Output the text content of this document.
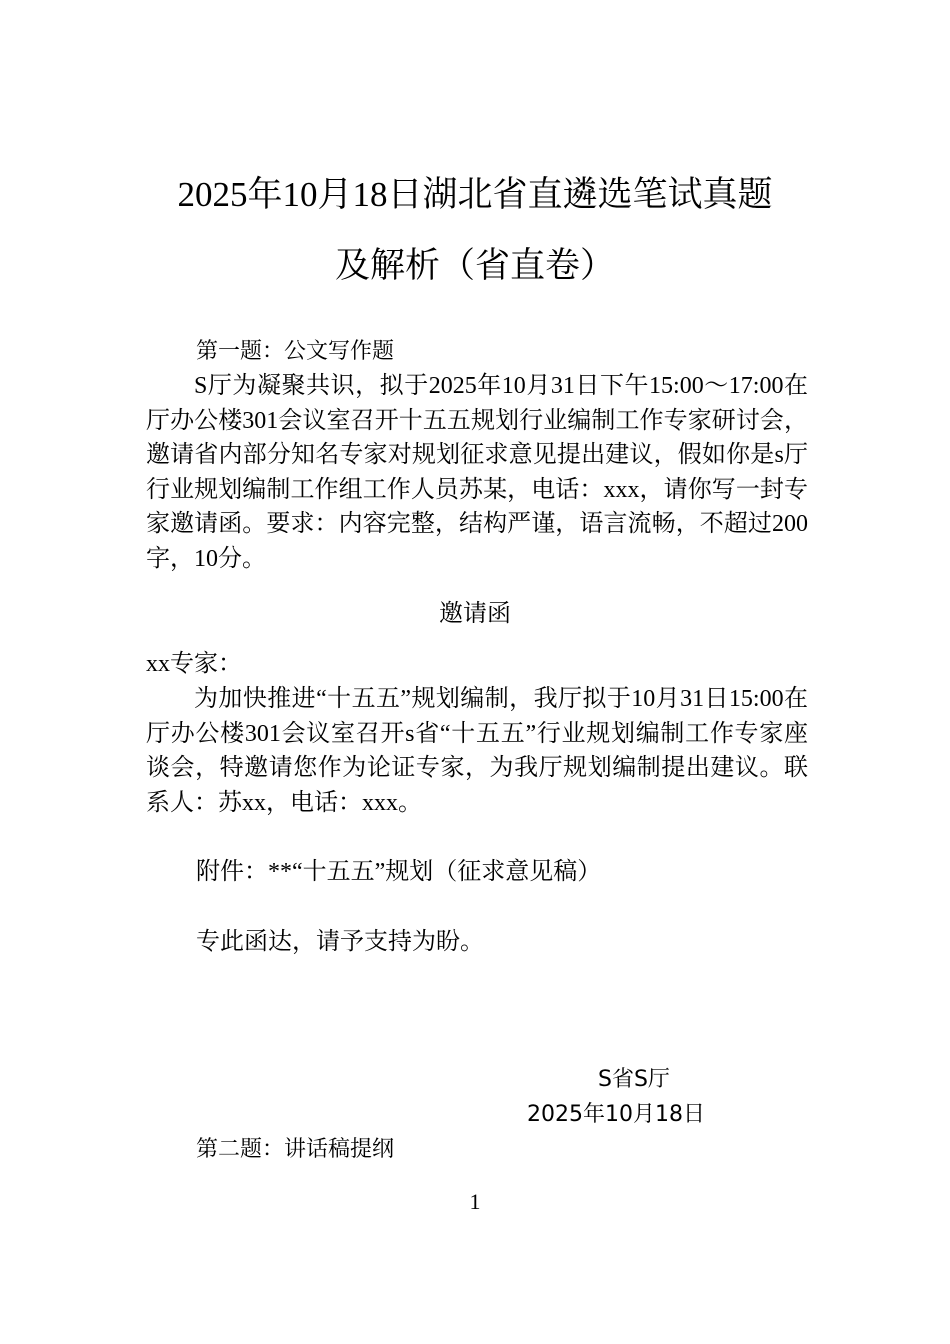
2025年10月18日湖北省直遴选笔试真题
及解析（省直卷）
第一题：公文写作题

S厅为凝聚共识，拟于2025年10月31日下午15:00～17:00在厅办公楼301会议室召开十五五规划行业编制工作专家研讨会，邀请省内部分知名专家对规划征求意见提出建议，假如你是s厅行业规划编制工作组工作人员苏某，电话：xxx，请你写一封专家邀请函。要求：内容完整，结构严谨，语言流畅，不超过200字，10分。

邀请函
xx专家：

为加快推进“十五五”规划编制，我厅拟于10月31日15:00在厅办公楼301会议室召开s省“十五五”行业规划编制工作专家座谈会，特邀请您作为论证专家，为我厅规划编制提出建议。联系人：苏xx，电话：xxx。

附件：**“十五五”规划（征求意见稿）
专此函达，请予支持为盼。
S省S厅
2025年10月18日
第二题：讲话稿提纲
1
